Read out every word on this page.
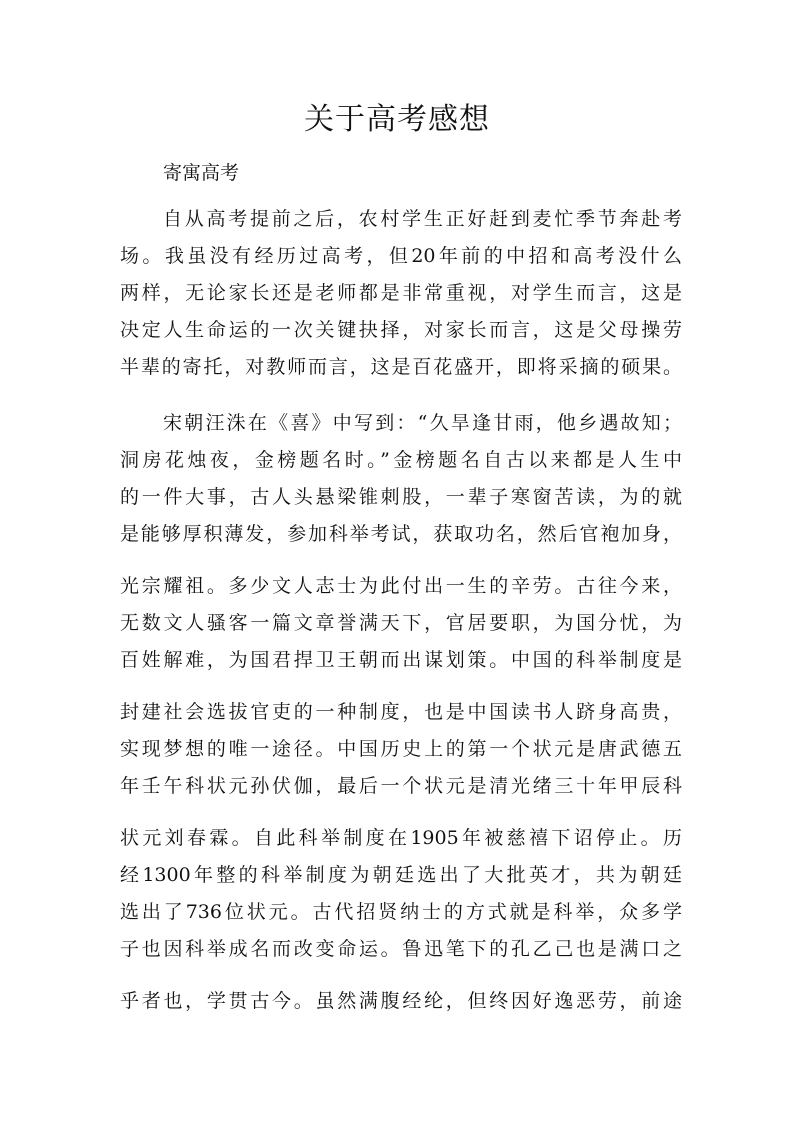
关于高考感想

寄寓高考

自从高考提前之后，农村学生正好赶到麦忙季节奔赴考

场。我虽没有经历过高考，但20年前的中招和高考没什么

两样，无论家长还是老师都是非常重视，对学生而言，这是

决定人生命运的一次关键抉择，对家长而言，这是父母操劳

半辈的寄托，对教师而言，这是百花盛开，即将采摘的硕果。

宋朝汪洙在《喜》中写到：“久旱逢甘雨，他乡遇故知；

洞房花烛夜，金榜题名时。”金榜题名自古以来都是人生中

的一件大事，古人头悬梁锥刺股，一辈子寒窗苦读，为的就

是能够厚积薄发，参加科举考试，获取功名，然后官袍加身，

光宗耀祖。多少文人志士为此付出一生的辛劳。古往今来，

无数文人骚客一篇文章誉满天下，官居要职，为国分忧，为

百姓解难，为国君捍卫王朝而出谋划策。中国的科举制度是

封建社会选拔官吏的一种制度，也是中国读书人跻身高贵，

实现梦想的唯一途径。中国历史上的第一个状元是唐武德五

年壬午科状元孙伏伽，最后一个状元是清光绪三十年甲辰科

状元刘春霖。自此科举制度在1905年被慈禧下诏停止。历

经1300年整的科举制度为朝廷选出了大批英才，共为朝廷

选出了736位状元。古代招贤纳士的方式就是科举，众多学

子也因科举成名而改变命运。鲁迅笔下的孔乙己也是满口之

乎者也，学贯古今。虽然满腹经纶，但终因好逸恶劳，前途
